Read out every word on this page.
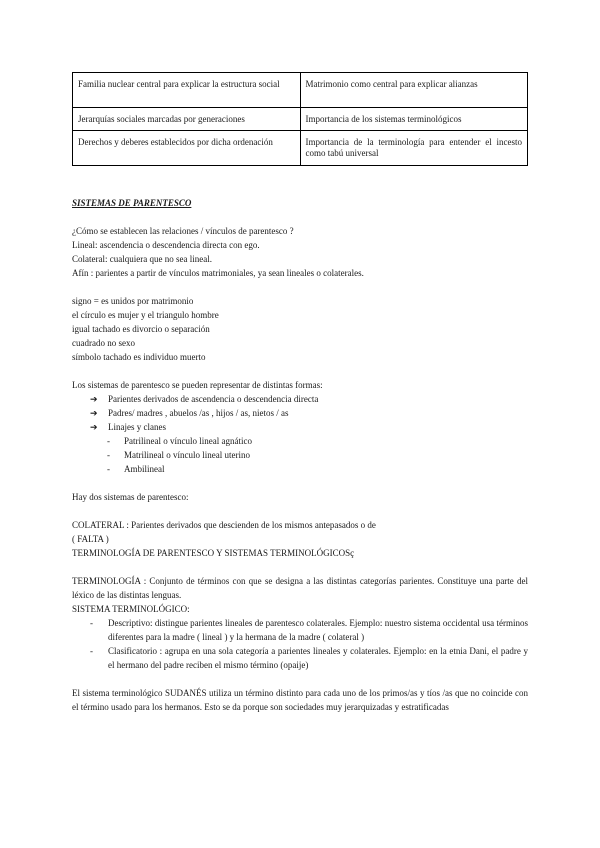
Familia nuclear central para explicar la estructura social	Matrimonio como central para explicar alianzas
Jerarquías sociales marcadas por generaciones	Importancia de los sistemas terminológicos
Derechos y deberes establecidos por dicha ordenación	Importancia de la terminología para entender el incesto como tabú universal

SISTEMAS DE PARENTESCO

¿Cómo se establecen las relaciones / vínculos de parentesco ?

Lineal: ascendencia o descendencia directa con ego.

Colateral: cualquiera que no sea lineal.

Afín : parientes a partir de vínculos matrimoniales, ya sean lineales o colaterales.

signo = es unidos por matrimonio

el círculo es mujer y el triangulo hombre

igual tachado es divorcio o separación

cuadrado no sexo

símbolo tachado es individuo muerto

Los sistemas de parentesco se pueden representar de distintas formas:

➔ Parientes derivados de ascendencia o descendencia directa
➔ Padres/ madres , abuelos /as , hijos / as, nietos / as
➔ Linajes y clanes
- Patrilineal o vínculo lineal agnático
- Matrilineal o vínculo lineal uterino
- Ambilineal

Hay dos sistemas de parentesco:

COLATERAL : Parientes derivados que descienden de los mismos antepasados o de

( FALTA )

TERMINOLOGÍA DE PARENTESCO Y SISTEMAS TERMINOLÓGICOSç

TERMINOLOGÍA : Conjunto de términos con que se designa a las distintas categorías parientes. Constituye una parte del léxico de las distintas lenguas.

SISTEMA TERMINOLÓGICO:

- Descriptivo: distingue parientes lineales de parentesco colaterales. Ejemplo: nuestro sistema occidental usa términos diferentes para la madre ( lineal ) y la hermana de la madre ( colateral )
- Clasificatorio : agrupa en una sola categoría a parientes lineales y colaterales. Ejemplo: en la etnia Dani, el padre y el hermano del padre reciben el mismo término (opaije)

El sistema terminológico SUDANÉS utiliza un término distinto para cada uno de los primos/as y tíos /as que no coincide con el término usado para los hermanos. Esto se da porque son sociedades muy jerarquizadas y estratificadas
